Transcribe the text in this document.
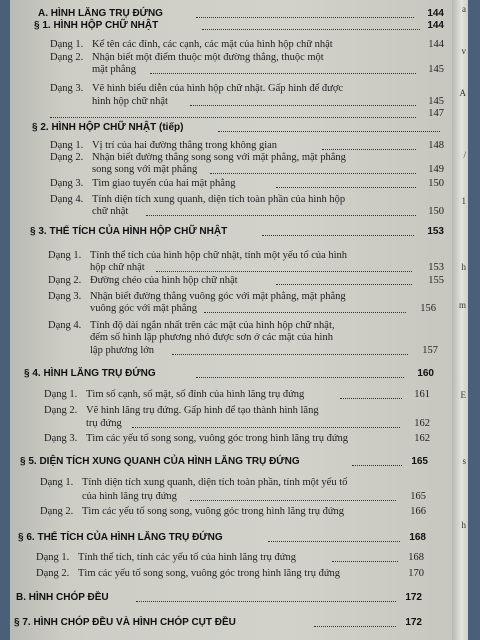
A. HÌNH LĂNG TRỤ ĐỨNG	144
§ 1. HÌNH HỘP CHỮ NHẬT	144
Dạng 1. Kể tên các đỉnh, các cạnh, các mặt của hình hộp chữ nhật	144
Dạng 2. Nhận biết một điểm thuộc một đường thẳng, thuộc một
mặt phẳng	145
Dạng 3. Vẽ hình biểu diễn của hình hộp chữ nhật. Gấp hình để được
hình hộp chữ nhật	145
147
§ 2. HÌNH HỘP CHỮ NHẬT (tiếp)
Dạng 1. Vị trí của hai đường thẳng trong không gian	148
Dạng 2. Nhận biết đường thẳng song song với mặt phẳng, mặt phẳng
song song với mặt phẳng	149
Dạng 3. Tìm giao tuyến của hai mặt phẳng	150
Dạng 4. Tính diện tích xung quanh, diện tích toàn phần của hình hộp
chữ nhật	150
§ 3. THỂ TÍCH CỦA HÌNH HỘP CHỮ NHẬT	153
Dạng 1. Tính thể tích của hình hộp chữ nhật, tính một yếu tố của hình
hộp chữ nhật	153
Dạng 2. Đường chéo của hình hộp chữ nhật	155
Dạng 3. Nhận biết đường thẳng vuông góc với mặt phẳng, mặt phẳng
vuông góc với mặt phẳng	156
Dạng 4. Tính độ dài ngắn nhất trên các mặt của hình hộp chữ nhật,
đếm số hình lập phương nhỏ được sơn ở các mặt của hình
lập phương lớn	157
§ 4. HÌNH LĂNG TRỤ ĐỨNG	160
Dạng 1. Tìm số cạnh, số mặt, số đỉnh của hình lăng trụ đứng	161
Dạng 2. Vẽ hình lăng trụ đứng. Gấp hình để tạo thành hình lăng
trụ đứng	162
Dạng 3. Tìm các yếu tố song song, vuông góc trong hình lăng trụ đứng	162
§ 5. DIỆN TÍCH XUNG QUANH CỦA HÌNH LĂNG TRỤ ĐỨNG	165
Dạng 1. Tính diện tích xung quanh, diện tích toàn phần, tính một yếu tố
của hình lăng trụ đứng	165
Dạng 2. Tìm các yếu tố song song, vuông góc trong hình lăng trụ đứng	166
§ 6. THỂ TÍCH CỦA HÌNH LĂNG TRỤ ĐỨNG	168
Dạng 1. Tính thể tích, tính các yếu tố của hình lăng trụ đứng	168
Dạng 2. Tìm các yếu tố song song, vuông góc trong hình lăng trụ đứng	170
B. HÌNH CHÓP ĐỀU	172
§ 7. HÌNH CHÓP ĐỀU VÀ HÌNH CHÓP CỤT ĐỀU	172
a
v
A
/
1
h
m
E
s
h
